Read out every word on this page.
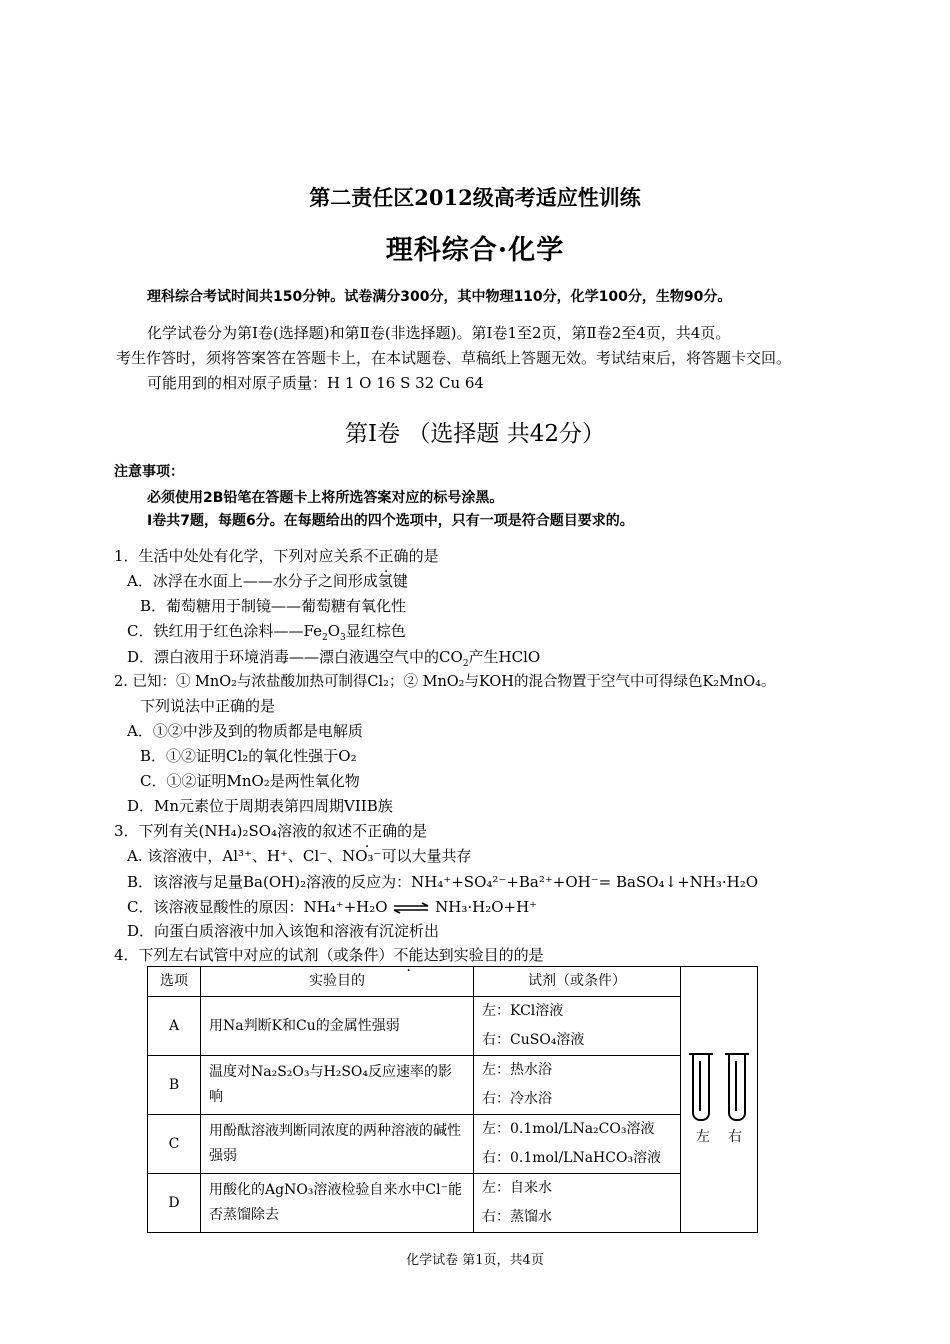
第二责任区2012级高考适应性训练
理科综合·化学
理科综合考试时间共150分钟。试卷满分300分，其中物理110分，化学100分，生物90分。
化学试卷分为第Ⅰ卷(选择题)和第Ⅱ卷(非选择题)。第Ⅰ卷1至2页，第Ⅱ卷2至4页，共4页。
考生作答时，须将答案答在答题卡上，在本试题卷、草稿纸上答题无效。考试结束后，将答题卡交回。
可能用到的相对原子质量：H 1 O 16 S 32 Cu 64
第Ⅰ卷 （选择题 共42分）
注意事项：
必须使用2B铅笔在答题卡上将所选答案对应的标号涂黑。
Ⅰ卷共7题，每题6分。在每题给出的四个选项中，只有一项是符合题目要求的。
1．生活中处处有化学，下列对应关系不正确的是
A．冰浮在水面上——水分子之间形成氢键
B．葡萄糖用于制镜——葡萄糖有氧化性
C．铁红用于红色涂料$——Fe_2O_3$显红棕色
D．漂白液用于环境消毒——漂白液遇空气中的$CO_2$产生HClO
2. 已知：① MnO₂与浓盐酸加热可制得Cl₂；② MnO₂与KOH的混合物置于空气中可得绿色K₂MnO₄。
下列说法中正确的是
A．①②中涉及到的物质都是电解质
B．①②证明Cl₂的氧化性强于O₂
C．①②证明MnO₂是两性氧化物
D．Mn元素位于周期表第四周期VIIB族
3．下列有关(NH₄)₂SO₄溶液的叙述不正确的是
A. 该溶液中，Al³⁺、H⁺、Cl⁻、NO₃⁻可以大量共存
B．该溶液与足量Ba(OH)₂溶液的反应为：NH₄⁺+SO₄²⁻+Ba²⁺+OH⁻= BaSO₄↓+NH₃·H₂O
C．该溶液显酸性的原因：NH₄⁺+H₂O ⇌ NH₃·H₂O+H⁺
D．向蛋白质溶液中加入该饱和溶液有沉淀析出
4．下列左右试管中对应的试剂（或条件）不能达到实验目的的是
选项	实验目的	试剂（或条件）	左 右

A	用Na判断K和Cu的金属性强弱	左：KCl溶液	
		右：CuSO₄溶液	
B	温度对Na₂S₂O₃与H₂SO₄反应速率的影响	左：热水浴	
		右：冷水浴	
C	用酚酞溶液判断同浓度的两种溶液的碱性强弱	左：0.1mol/LNa₂CO₃溶液	
		右：0.1mol/LNaHCO₃溶液	
D	用酸化的AgNO₃溶液检验自来水中Cl⁻能否蒸馏除去	左：自来水	
		右：蒸馏水	
化学试卷 第1页，共4页
